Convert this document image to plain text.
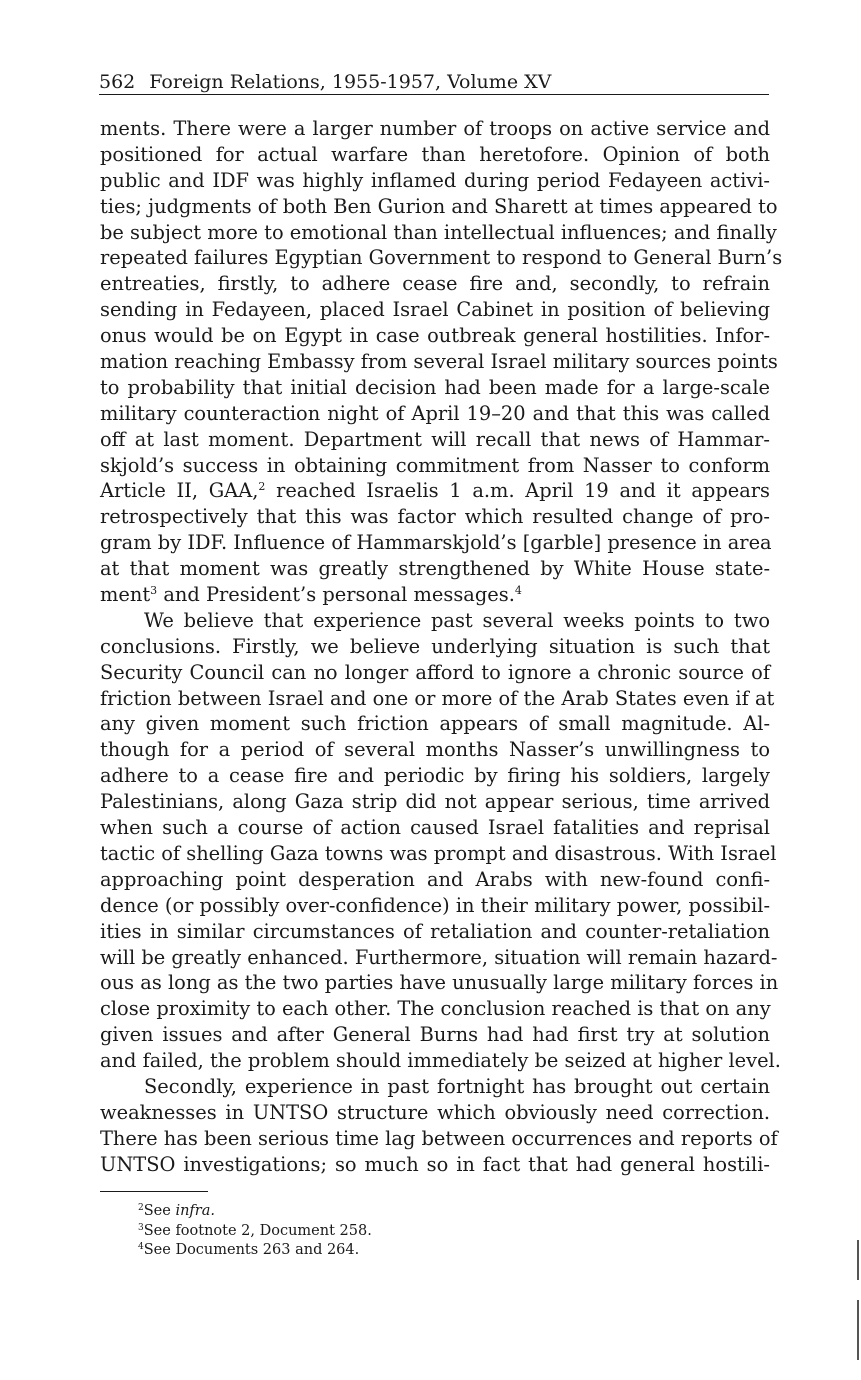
562 Foreign Relations, 1955-1957, Volume XV
ments. There were a larger number of troops on active service and
positioned for actual warfare than heretofore. Opinion of both
public and IDF was highly inflamed during period Fedayeen activi-
ties; judgments of both Ben Gurion and Sharett at times appeared to
be subject more to emotional than intellectual influences; and finally
repeated failures Egyptian Government to respond to General Burn’s
entreaties, firstly, to adhere cease fire and, secondly, to refrain
sending in Fedayeen, placed Israel Cabinet in position of believing
onus would be on Egypt in case outbreak general hostilities. Infor-
mation reaching Embassy from several Israel military sources points
to probability that initial decision had been made for a large-scale
military counteraction night of April 19–20 and that this was called
off at last moment. Department will recall that news of Hammar-
skjold’s success in obtaining commitment from Nasser to conform
Article II, GAA,$^2$ reached Israelis 1 a.m. April 19 and it appears
retrospectively that this was factor which resulted change of pro-
gram by IDF. Influence of Hammarskjold’s [garble] presence in area
at that moment was greatly strengthened by White House state-
ment$^3$ and President’s personal messages.$^4$
We believe that experience past several weeks points to two
conclusions. Firstly, we believe underlying situation is such that
Security Council can no longer afford to ignore a chronic source of
friction between Israel and one or more of the Arab States even if at
any given moment such friction appears of small magnitude. Al-
though for a period of several months Nasser’s unwillingness to
adhere to a cease fire and periodic by firing his soldiers, largely
Palestinians, along Gaza strip did not appear serious, time arrived
when such a course of action caused Israel fatalities and reprisal
tactic of shelling Gaza towns was prompt and disastrous. With Israel
approaching point desperation and Arabs with new-found confi-
dence (or possibly over-confidence) in their military power, possibil-
ities in similar circumstances of retaliation and counter-retaliation
will be greatly enhanced. Furthermore, situation will remain hazard-
ous as long as the two parties have unusually large military forces in
close proximity to each other. The conclusion reached is that on any
given issues and after General Burns had had first try at solution
and failed, the problem should immediately be seized at higher level.
Secondly, experience in past fortnight has brought out certain
weaknesses in UNTSO structure which obviously need correction.
There has been serious time lag between occurrences and reports of
UNTSO investigations; so much so in fact that had general hostili-
$^2$See infra.
$^3$See footnote 2, Document 258.
$^4$See Documents 263 and 264.
